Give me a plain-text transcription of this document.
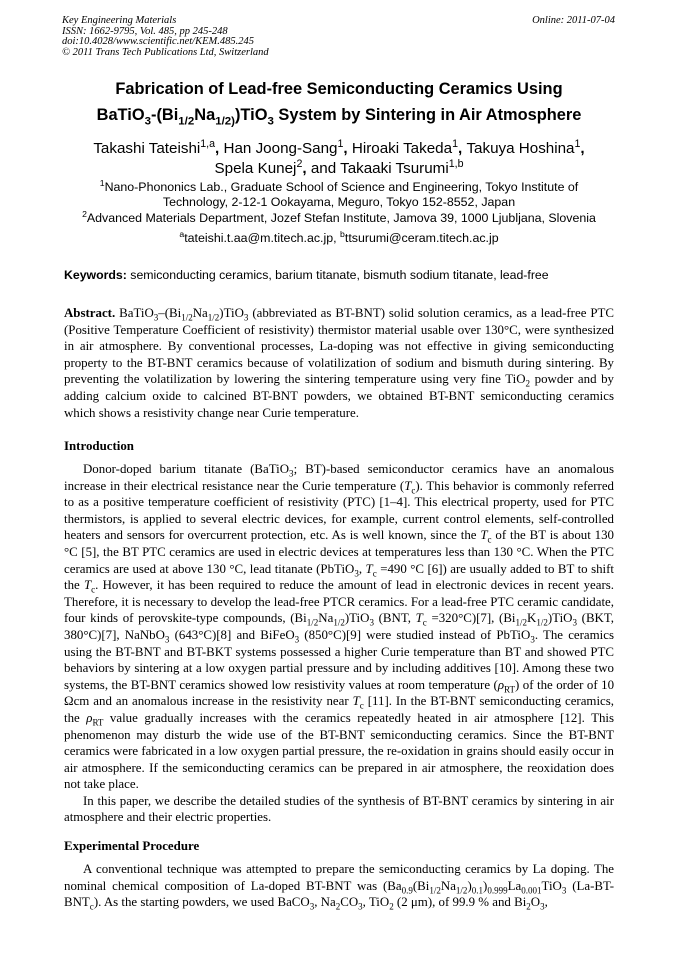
Key Engineering Materials
ISSN: 1662-9795, Vol. 485, pp 245-248
doi:10.4028/www.scientific.net/KEM.485.245
© 2011 Trans Tech Publications Ltd, Switzerland
Online: 2011-07-04
Fabrication of Lead-free Semiconducting Ceramics Using
$BaTiO_3-(Bi_{1/2}Na_{1/2)})TiO_3$ System by Sintering in Air Atmosphere
Takashi Tateishi$^{1,a}$, Han Joong-Sang$^1$, Hiroaki Takeda$^1$, Takuya Hoshina$^1$,
Spela Kunej$^2$, and Takaaki Tsurumi$^{1,b}$
$^1$Nano-Phononics Lab., Graduate School of Science and Engineering, Tokyo Institute of
Technology, 2-12-1 Ookayama, Meguro, Tokyo 152-8552, Japan
$^2$Advanced Materials Department, Jozef Stefan Institute, Jamova 39, 1000 Ljubljana, Slovenia
$^a$tateishi.t.aa@m.titech.ac.jp, $^b$ttsurumi@ceram.titech.ac.jp
Keywords: semiconducting ceramics, barium titanate, bismuth sodium titanate, lead-free
Abstract. $BaTiO_3-(Bi_{1/2}Na_{1/2})TiO_3$ (abbreviated as BT-BNT) solid solution ceramics, as a lead-free PTC (Positive Temperature Coefficient of resistivity) thermistor material usable over 130°C, were synthesized in air atmosphere. By conventional processes, La-doping was not effective in giving semiconducting property to the BT-BNT ceramics because of volatilization of sodium and bismuth during sintering. By preventing the volatilization by lowering the sintering temperature using very fine TiO$_2$ powder and by adding calcium oxide to calcined BT-BNT powders, we obtained BT-BNT semiconducting ceramics which shows a resistivity change near Curie temperature.
Introduction

Donor-doped barium titanate (BaTiO$_3$; BT)-based semiconductor ceramics have an anomalous increase in their electrical resistance near the Curie temperature $(T_c)$. This behavior is commonly referred to as a positive temperature coefficient of resistivity (PTC) [1–4]. This electrical property, used for PTC thermistors, is applied to several electric devices, for example, current control elements, self-controlled heaters and sensors for overcurrent protection, etc. As is well known, since the $T_c$ of the BT is about 130 °C [5], the BT PTC ceramics are used in electric devices at temperatures less than 130 °C. When the PTC ceramics are used at above 130 °C, lead titanate (PbTiO$_3$, $T_c =490$ °C [6]) are usually added to BT to shift the $T_c$. However, it has been required to reduce the amount of lead in electronic devices in recent years. Therefore, it is necessary to develop the lead-free PTCR ceramics. For a lead-free PTC ceramic candidate, four kinds of perovskite-type compounds, $(Bi_{1/2}Na_{1/2})TiO_3$ (BNT, $T_c =320^\circ C)[7]$, $(Bi_{1/2}K_{1/2})TiO_3$ (BKT, 380°C)[7], NaNbO$_3$ (643°C)[8] and BiFeO$_3$ (850°C)[9] were studied instead of PbTiO$_3$. The ceramics using the BT-BNT and BT-BKT systems possessed a higher Curie temperature than BT and showed PTC behaviors by sintering at a low oxygen partial pressure and by including additives [10]. Among these two systems, the BT-BNT ceramics showed low resistivity values at room temperature $(\rho_{RT})$ of the order of 10 Ωcm and an anomalous increase in the resistivity near $T_c$ [11]. In the BT-BNT semiconducting ceramics, the $\rho_{RT}$ value gradually increases with the ceramics repeatedly heated in air atmosphere [12]. This phenomenon may disturb the wide use of the BT-BNT semiconducting ceramics. Since the BT-BNT ceramics were fabricated in a low oxygen partial pressure, the re-oxidation in grains should easily occur in air atmosphere. If the semiconducting ceramics can be prepared in air atmosphere, the reoxidation does not take place.

In this paper, we describe the detailed studies of the synthesis of BT-BNT ceramics by sintering in air atmosphere and their electric properties.

Experimental Procedure

A conventional technique was attempted to prepare the semiconducting ceramics by La doping. The nominal chemical composition of La-doped BT-BNT was $(Ba_{0.9}(Bi_{1/2}Na_{1/2})_{0.1})_{0.999}La_{0.001}TiO_3$ $(La-BT-BNT_c)$. As the starting powders, we used BaCO$_3$, $Na_2CO_3$, TiO$_2$ (2 μm), of 99.9 % and $Bi_2O_3$,
